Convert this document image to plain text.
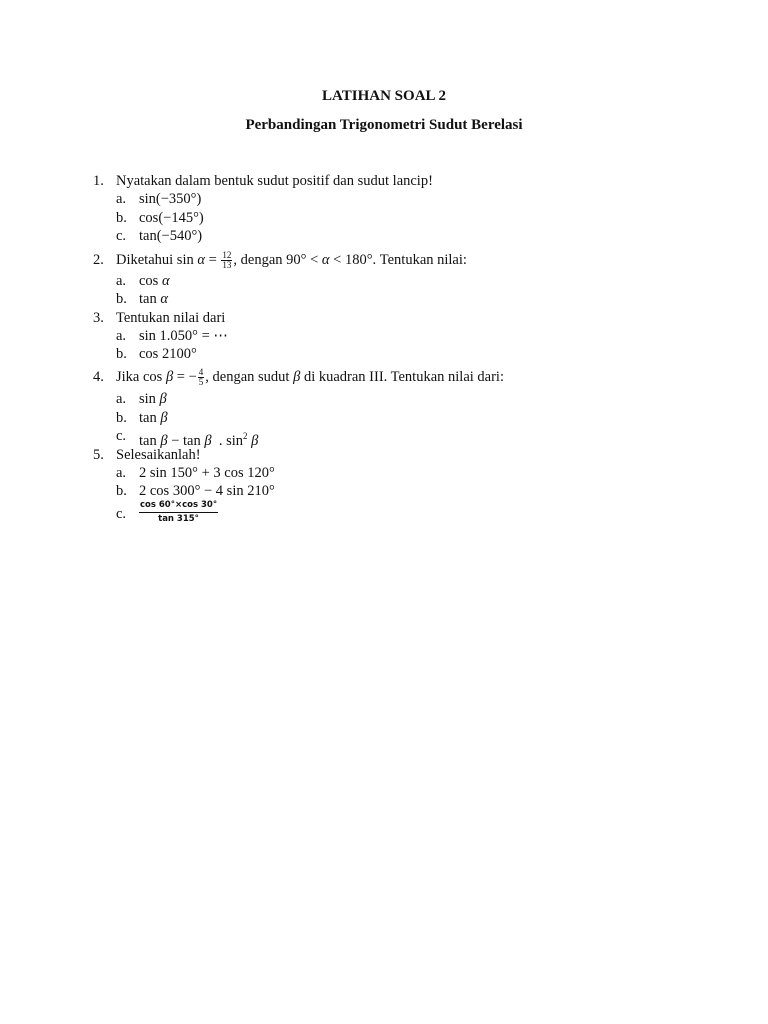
LATIHAN SOAL 2
Perbandingan Trigonometri Sudut Berelasi
1. Nyatakan dalam bentuk sudut positif dan sudut lancip!
a. sin(−350°)
b. cos(−145°)
c. tan(−540°)
2. Diketahui $\sin \alpha = \frac{12}{13}$ , dengan 90° < α < 180°. Tentukan nilai:
a. cos α
b. tan α
3. Tentukan nilai dari
a. sin 1.050° = ⋯
b. cos 2100°
4. Jika cos β = − $\frac{4}{5}$ , dengan sudut β di kuadran III. Tentukan nilai dari:
a. sin β
b. tan β
c. tan β − tan β  . $\sin^2 \beta$
5. Selesaikanlah!
a. 2 sin 150° + 3 cos 120°
b. 2 cos 300° − 4 sin 210°
c. $\frac{\cos 60^\circ\times\cos 30^\circ}{\tan 315^\circ}$
